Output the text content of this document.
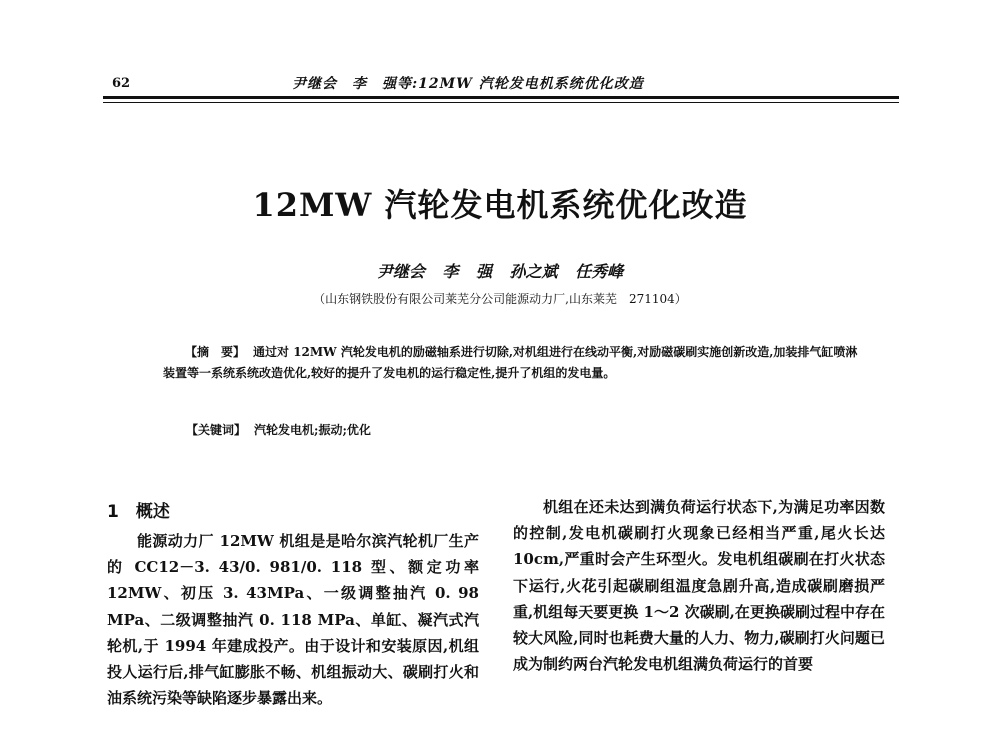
62	尹继会　李　强等:12MW 汽轮发电机系统优化改造
12MW 汽轮发电机系统优化改造
尹继会 李 强 孙之斌 任秀峰
（山东钢铁股份有限公司莱芜分公司能源动力厂,山东莱芜　271104）

【摘　要】 通过对 12MW 汽轮发电机的励磁轴系进行切除,对机组进行在线动平衡,对励磁碳刷实施创新改造,加装排气缸喷淋装置等一系统系统改造优化,较好的提升了发电机的运行稳定性,提升了机组的发电量。

【关键词】 汽轮发电机;振动;优化
1　概述

能源动力厂 12MW 机组是是哈尔滨汽轮机厂生产的 CC12－3. 43/0. 981/0. 118 型、额定功率 12MW、初压 3. 43MPa、一级调整抽汽 0. 98 MPa、二级调整抽汽 0. 118 MPa、单缸、凝汽式汽轮机,于 1994 年建成投产。由于设计和安装原因,机组投人运行后,排气缸膨胀不畅、机组振动大、碳刷打火和油系统污染等缺陷逐步暴露出来。

机组在还未达到满负荷运行状态下,为满足功率因数的控制,发电机碳刷打火现象已经相当严重,尾火长达 10cm,严重时会产生环型火。发电机组碳刷在打火状态下运行,火花引起碳刷组温度急剧升高,造成碳刷磨损严重,机组每天要更换 1～2 次碳刷,在更换碳刷过程中存在较大风险,同时也耗费大量的人力、物力,碳刷打火问题已成为制约两台汽轮发电机组满负荷运行的首要
